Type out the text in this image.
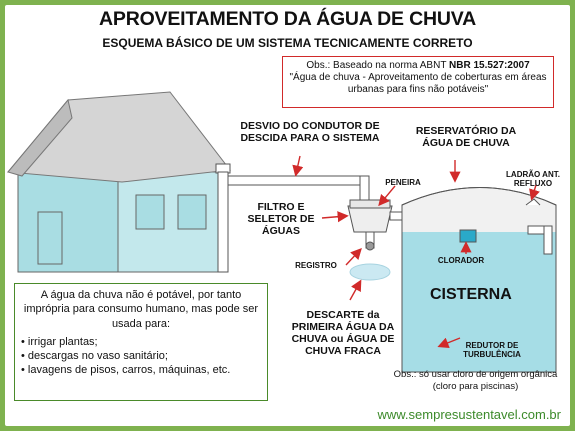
APROVEITAMENTO DA ÁGUA DE CHUVA
ESQUEMA BÁSICO DE UM SISTEMA TECNICAMENTE CORRETO
Obs.: Baseado na norma ABNT NBR 15.527:2007
"Água de chuva - Aproveitamento de coberturas em áreas urbanas para fins não potáveis"
DESVIO DO CONDUTOR DE DESCIDA PARA O SISTEMA
RESERVATÓRIO DA ÁGUA DE CHUVA
PENEIRA
LADRÃO ANT. REFLUXO
FILTRO E SELETOR DE ÁGUAS
CLORADOR
REGISTRO
CISTERNA
DESCARTE da PRIMEIRA ÁGUA DA CHUVA ou ÁGUA DE CHUVA FRACA	REDUTOR DE TURBULÊNCIA
A água da chuva não é potável, por tanto imprópria para consumo humano, mas pode ser usada para:
• irrigar plantas;
• descargas no vaso sanitário;
• lavagens de pisos, carros, máquinas, etc.	Obs.: só usar cloro de origem orgânica (cloro para piscinas)
www.sempresustentavel.com.br
